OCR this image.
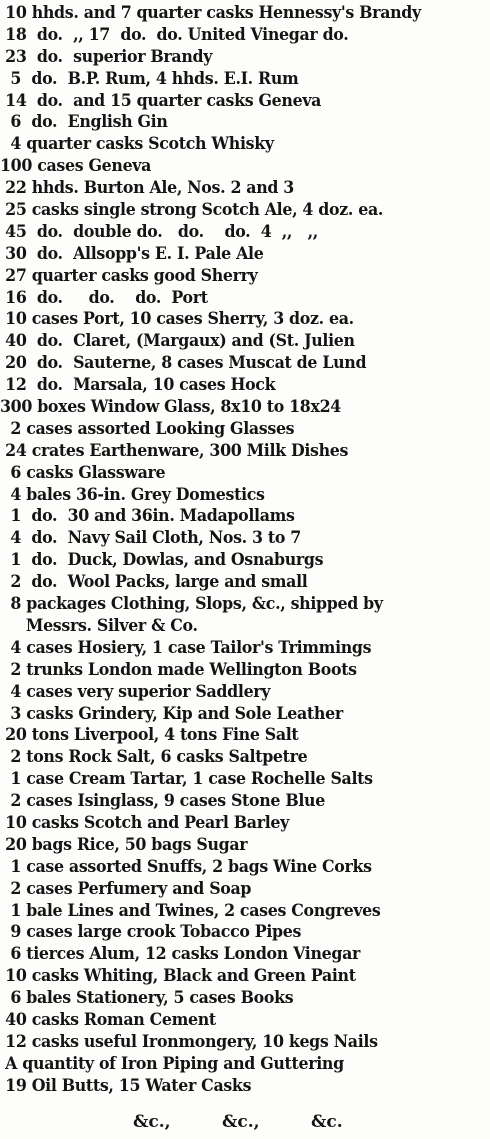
10 hhds. and 7 quarter casks Hennessy's Brandy
18  do.  ,, 17  do.  do. United Vinegar do.
23  do.  superior Brandy
5  do.  B.P. Rum, 4 hhds. E.I. Rum
14  do.  and 15 quarter casks Geneva
6  do.  English Gin
4 quarter casks Scotch Whisky
100 cases Geneva
22 hhds. Burton Ale, Nos. 2 and 3
25 casks single strong Scotch Ale, 4 doz. ea.
45  do.  double do.   do.    do.  4  ,,   ,,
30  do.  Allsopp's E. I. Pale Ale
27 quarter casks good Sherry
16  do.     do.    do.  Port
10 cases Port, 10 cases Sherry, 3 doz. ea.
40  do.  Claret, (Margaux) and (St. Julien
20  do.  Sauterne, 8 cases Muscat de Lund
12  do.  Marsala, 10 cases Hock
300 boxes Window Glass, 8x10 to 18x24
2 cases assorted Looking Glasses
24 crates Earthenware, 300 Milk Dishes
6 casks Glassware
4 bales 36-in. Grey Domestics
1  do.  30 and 36in. Madapollams
4  do.  Navy Sail Cloth, Nos. 3 to 7
1  do.  Duck, Dowlas, and Osnaburgs
2  do.  Wool Packs, large and small
8 packages Clothing, Slops, &c., shipped by
Messrs. Silver & Co.
4 cases Hosiery, 1 case Tailor's Trimmings
2 trunks London made Wellington Boots
4 cases very superior Saddlery
3 casks Grindery, Kip and Sole Leather
20 tons Liverpool, 4 tons Fine Salt
2 tons Rock Salt, 6 casks Saltpetre
1 case Cream Tartar, 1 case Rochelle Salts
2 cases Isinglass, 9 cases Stone Blue
10 casks Scotch and Pearl Barley
20 bags Rice, 50 bags Sugar
1 case assorted Snuffs, 2 bags Wine Corks
2 cases Perfumery and Soap
1 bale Lines and Twines, 2 cases Congreves
9 cases large crook Tobacco Pipes
6 tierces Alum, 12 casks London Vinegar
10 casks Whiting, Black and Green Paint
6 bales Stationery, 5 cases Books
40 casks Roman Cement
12 casks useful Ironmongery, 10 kegs Nails
A quantity of Iron Piping and Guttering
19 Oil Butts, 15 Water Casks
&c.,	&c.,	&c.
